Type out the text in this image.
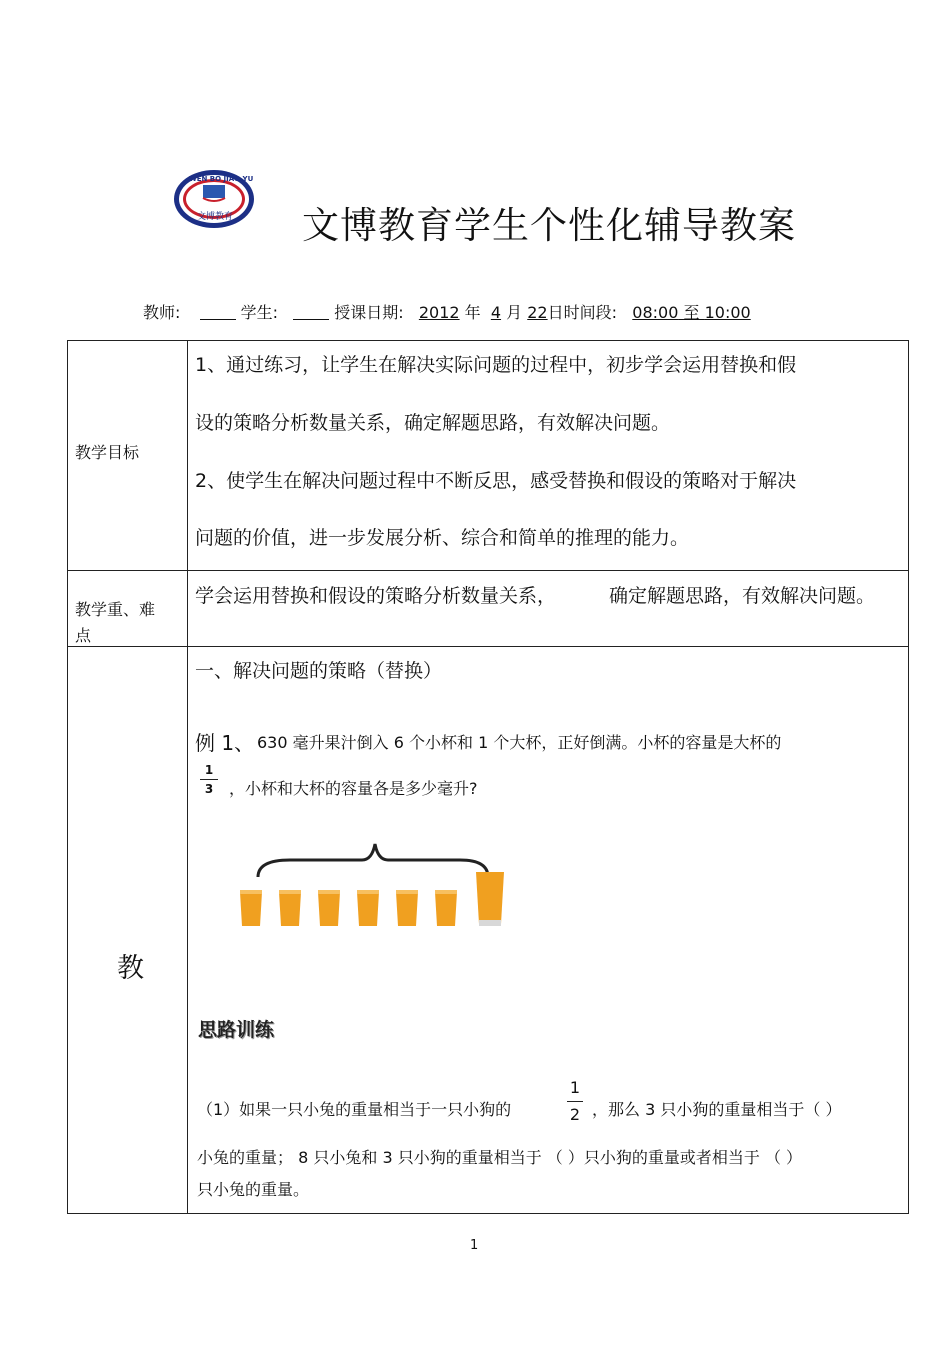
WEN BO JIAO YU
文博教育 文博教育学生个性化辅导教案
教师:	学生:	授课日期: 2012 年 4 月 22日时间段: 08:00 至 10:00
教学目标
1、通过练习，让学生在解决实际问题的过程中，初步学会运用替换和假
设的策略分析数量关系，确定解题思路，有效解决问题。
2、使学生在解决问题过程中不断反思，感受替换和假设的策略对于解决
问题的价值，进一步发展分析、综合和简单的推理的能力。
教学重、难
点
学会运用替换和假设的策略分析数量关系，	确定解题思路，有效解决问题。
教
一、解决问题的策略（替换）
例 1、 630 毫升果汁倒入 6 个小杯和 1 个大杯，正好倒满。小杯的容量是大杯的
1
3 ，小杯和大杯的容量各是多少毫升?
思路训练
（1）如果一只小兔的重量相当于一只小狗的
1
2 ，那么 3 只小狗的重量相当于（ ）
小兔的重量； 8 只小兔和 3 只小狗的重量相当于 （ ）只小狗的重量或者相当于 （ ）
只小兔的重量。
1
